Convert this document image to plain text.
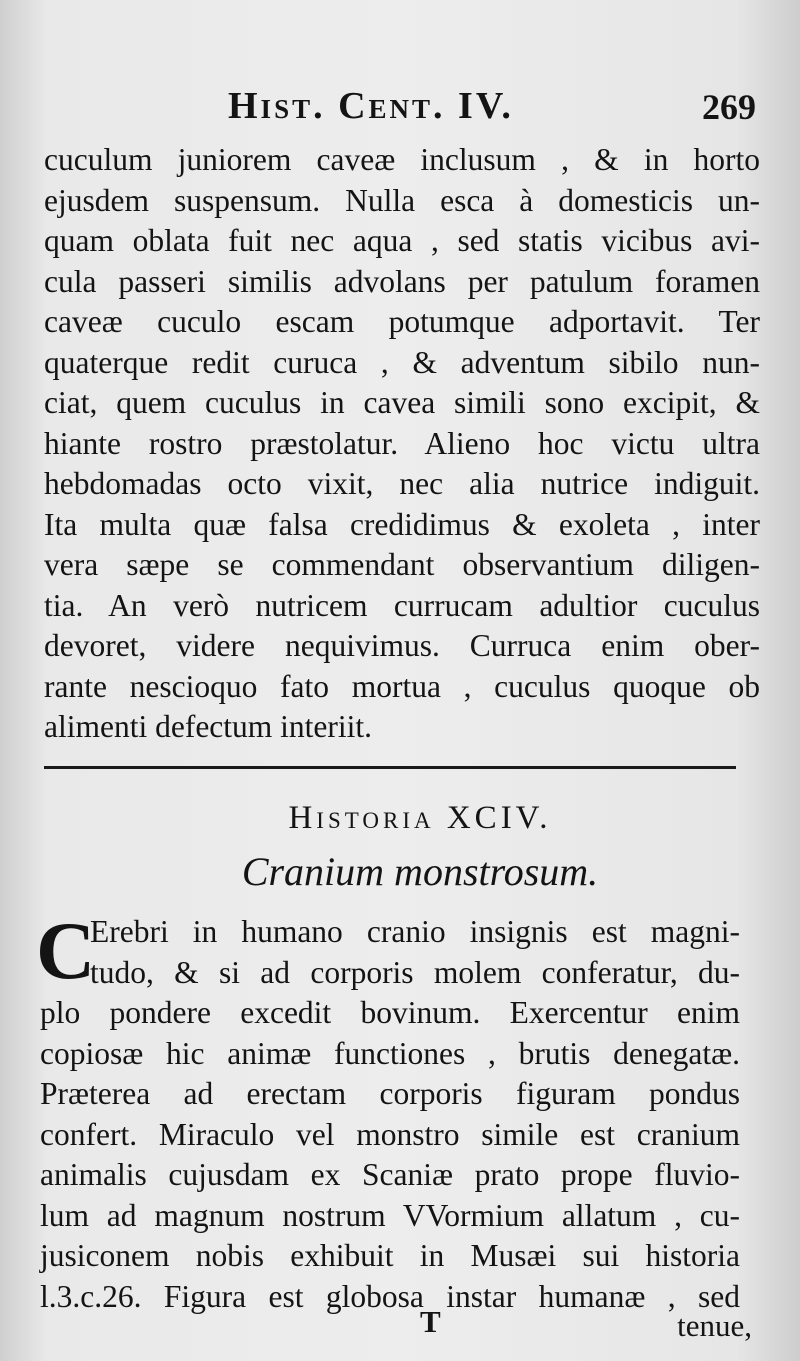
Hist. Cent. IV.	269
cuculum juniorem caveæ inclusum , & in horto
ejusdem suspensum. Nulla esca à domesticis un-
quam oblata fuit nec aqua , sed statis vicibus avi-
cula passeri similis advolans per patulum foramen
caveæ cuculo escam potumque adportavit. Ter
quaterque redit curuca , & adventum sibilo nun-
ciat, quem cuculus in cavea simili sono excipit, &
hiante rostro præstolatur. Alieno hoc victu ultra
hebdomadas octo vixit, nec alia nutrice indiguit.
Ita multa quæ falsa credidimus & exoleta , inter
vera sæpe se commendant observantium diligen-
tia. An verò nutricem currucam adultior cuculus
devoret, videre nequivimus. Curruca enim ober-
rante nescioquo fato mortua , cuculus quoque ob
alimenti defectum interiit.
Historia XCIV.
Cranium monstrosum.
C
Erebri in humano cranio insignis est magni-
tudo, & si ad corporis molem conferatur, du-
plo pondere excedit bovinum. Exercentur enim
copiosæ hic animæ functiones , brutis denegatæ.
Præterea ad erectam corporis figuram pondus
confert. Miraculo vel monstro simile est cranium
animalis cujusdam ex Scaniæ prato prope fluvio-
lum ad magnum nostrum VVormium allatum , cu-
jusiconem nobis exhibuit in Musæi sui historia
l.3.c.26. Figura est globosa instar humanæ , sed
T	tenue,
